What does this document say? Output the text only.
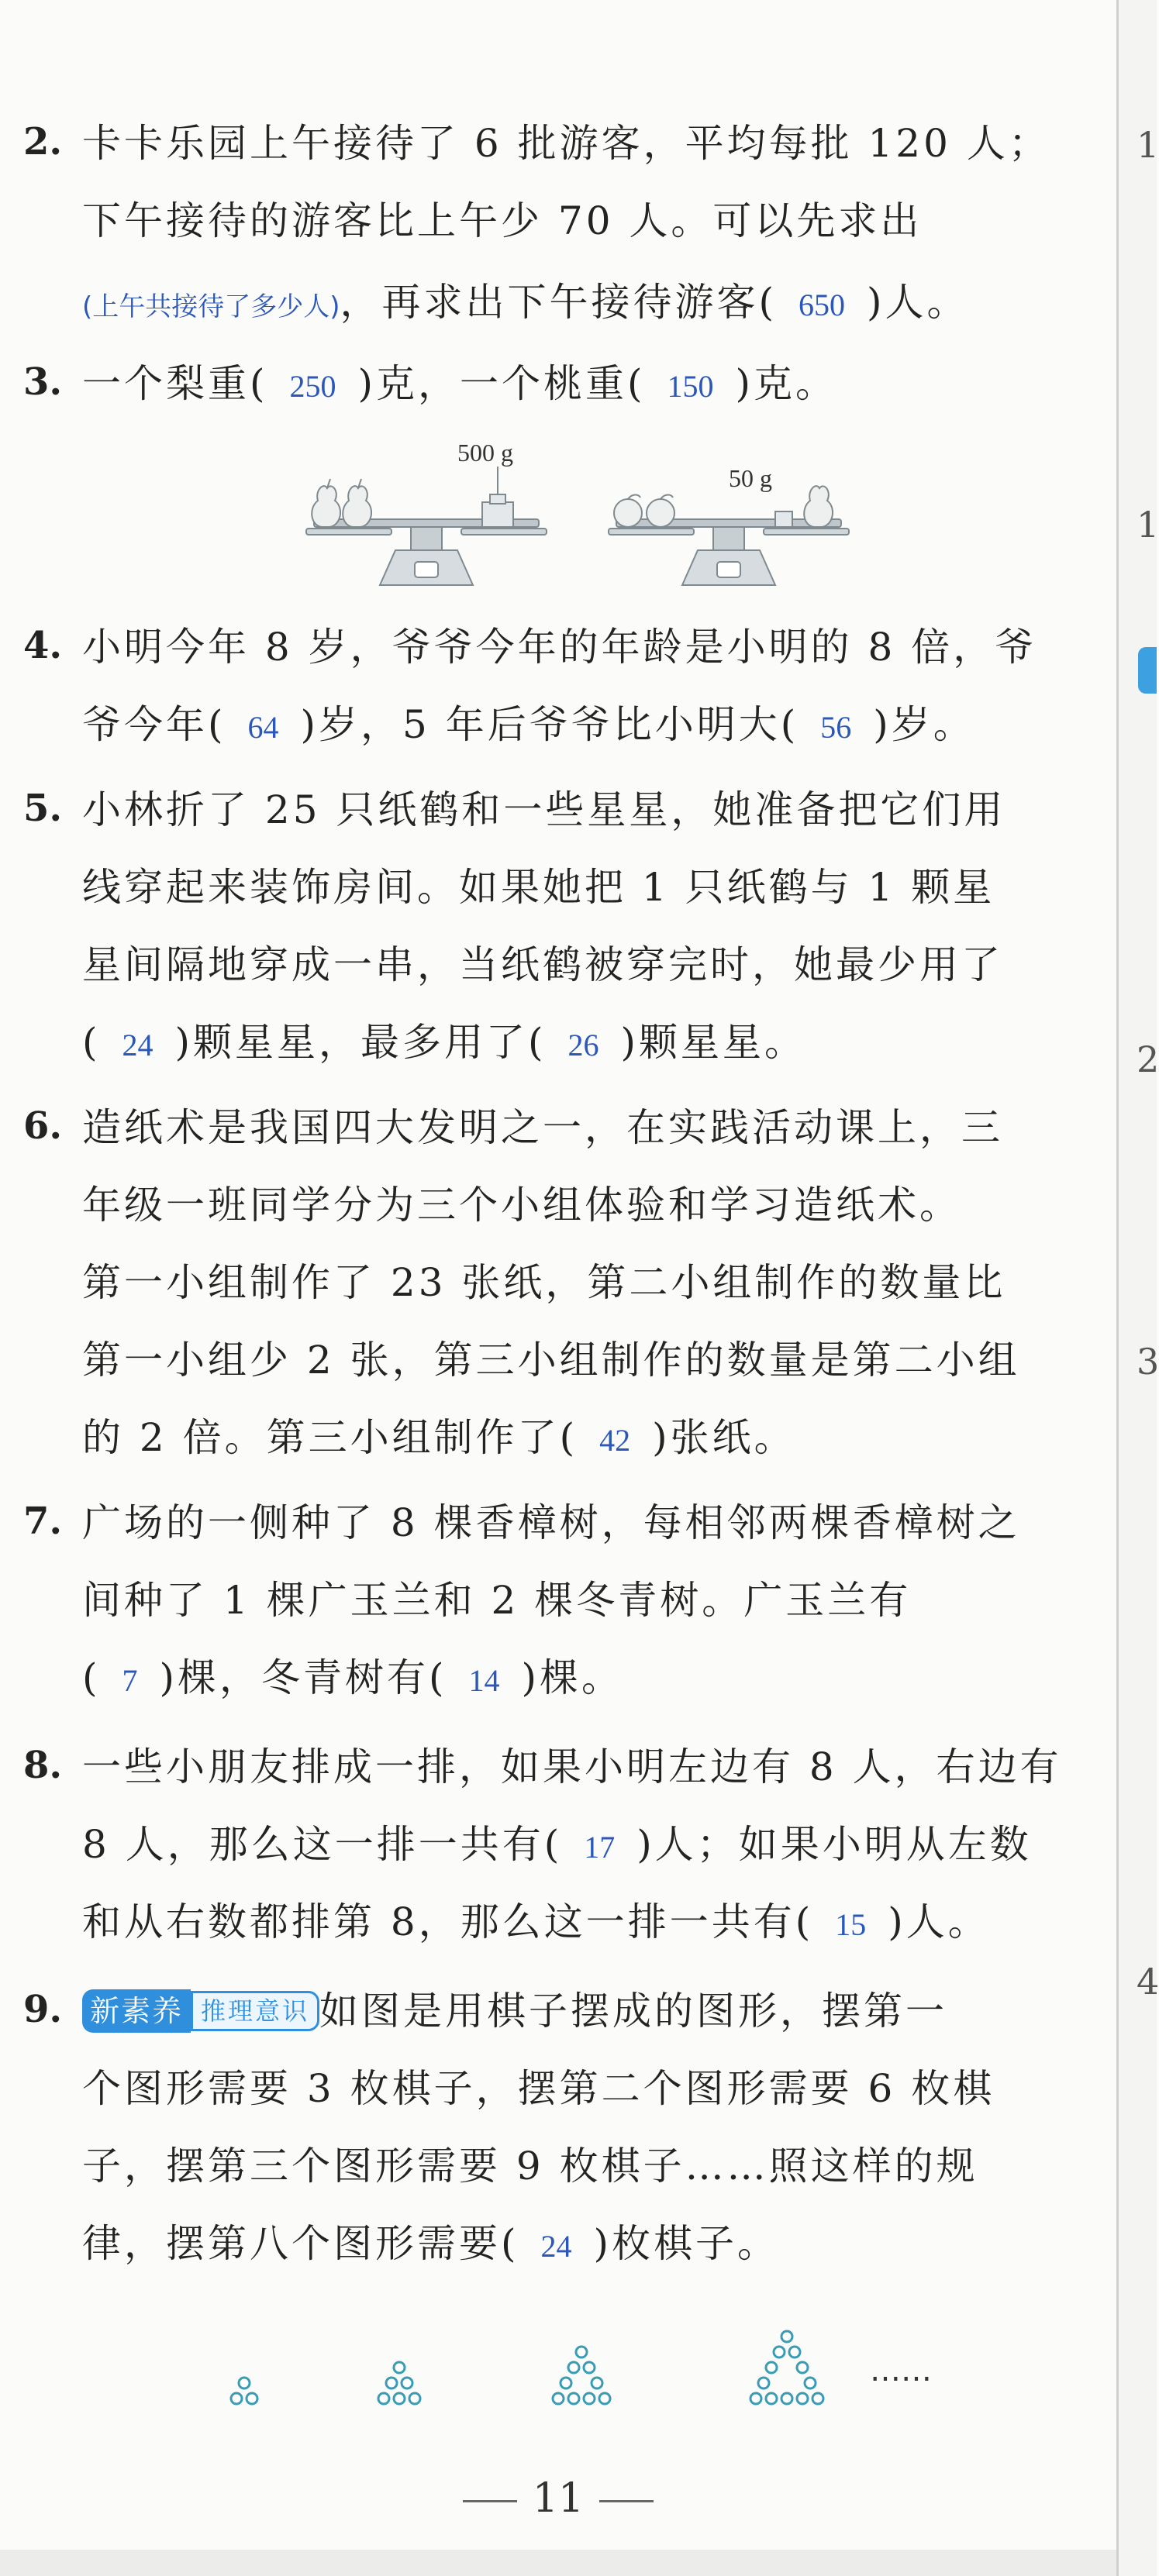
1
1
2
3
4
2. 卡卡乐园上午接待了 6 批游客，平均每批 120 人；
下午接待的游客比上午少 70 人。可以先求出
(上午共接待了多少人)，再求出下午接待游客( 650 )人。
3. 一个梨重( 250 )克，一个桃重( 150 )克。
500 g
50 g
4. 小明今年 8 岁，爷爷今年的年龄是小明的 8 倍，爷
爷今年( 64 )岁，5 年后爷爷比小明大( 56 )岁。
5. 小林折了 25 只纸鹤和一些星星，她准备把它们用
线穿起来装饰房间。如果她把 1 只纸鹤与 1 颗星
星间隔地穿成一串，当纸鹤被穿完时，她最少用了
( 24 )颗星星，最多用了( 26 )颗星星。
6. 造纸术是我国四大发明之一，在实践活动课上，三
年级一班同学分为三个小组体验和学习造纸术。
第一小组制作了 23 张纸，第二小组制作的数量比
第一小组少 2 张，第三小组制作的数量是第二小组
的 2 倍。第三小组制作了( 42 )张纸。
7. 广场的一侧种了 8 棵香樟树，每相邻两棵香樟树之
间种了 1 棵广玉兰和 2 棵冬青树。广玉兰有
( 7 )棵，冬青树有( 14 )棵。
8. 一些小朋友排成一排，如果小明左边有 8 人，右边有
8 人，那么这一排一共有( 17 )人；如果小明从左数
和从右数都排第 8，那么这一排一共有( 15 )人。
9. 新素养 推理意识 如图是用棋子摆成的图形，摆第一
个图形需要 3 枚棋子，摆第二个图形需要 6 枚棋
子，摆第三个图形需要 9 枚棋子……照这样的规
律，摆第八个图形需要( 24 )枚棋子。
……
11
